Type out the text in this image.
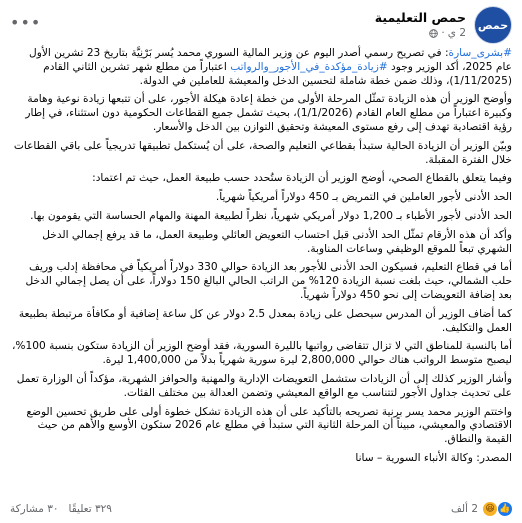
حمص
حمص التعليمية
2 ي
·
•••

#بشرى_سارة: في تصريح رسمي أصدر اليوم عن وزير المالية السوري محمد يُسر بَرْنِيَّة بتاريخ 23 تشرين الأول عام 2025، أكد الوزير وجود #زيادة_مؤكدة_في_الأجور_والرواتب اعتباراً من مطلع شهر تشرين الثاني القادم (1/11/2025)، وذلك ضمن خطة شاملة لتحسين الدخل والمعيشة للعاملين في الدولة.

وأوضح الوزير أن هذه الزيادة تمثّل المرحلة الأولى من خطة إعادة هيكلة الأجور، على أن تتبعها زيادة نوعية وهامة وكبيرة اعتباراً من مطلع العام القادم (1/1/2026)، بحيث تشمل جميع القطاعات الحكومية دون استثناء، في إطار رؤية اقتصادية تهدف إلى رفع مستوى المعيشة وتحقيق التوازن بين الدخل والأسعار.

وبيّن الوزير أن الزيادة الحالية ستبدأ بقطاعي التعليم والصحة، على أن يُستكمل تطبيقها تدريجياً على باقي القطاعات خلال الفترة المقبلة.

وفيما يتعلق بالقطاع الصحي، أوضح الوزير أن الزيادة ستُحدد حسب طبيعة العمل، حيث تم اعتماد:

الحد الأدنى لأجور العاملين في التمريض بـ 450 دولاراً أمريكياً شهرياً.

الحد الأدنى لأجور الأطباء بـ 1,200 دولار أمريكي شهرياً، نظراً لطبيعة المهنة والمهام الحساسة التي يقومون بها.

وأكد أن هذه الأرقام تمثّل الحد الأدنى قبل احتساب التعويض العائلي وطبيعة العمل، ما قد يرفع إجمالي الدخل الشهري تبعاً للموقع الوظيفي وساعات المناوبة.

أما في قطاع التعليم، فسيكون الحد الأدنى للأجور بعد الزيادة حوالي 330 دولاراً أمريكياً في محافظة إدلب وريف حلب الشمالي، حيث بلغت نسبة الزيادة 120% من الراتب الحالي البالغ 150 دولاراً، على أن يصل إجمالي الدخل بعد إضافة التعويضات إلى نحو 450 دولاراً شهرياً.

كما أضاف الوزير أن المدرس سيحصل على زيادة بمعدل 2.5 دولار عن كل ساعة إضافية أو مكافأة مرتبطة بطبيعة العمل والتكليف.

أما بالنسبة للمناطق التي لا تزال تتقاضى رواتبها بالليرة السورية، فقد أوضح الوزير أن الزيادة ستكون بنسبة 100%، ليصبح متوسط الرواتب هناك حوالي 2,800,000 ليرة سورية شهرياً بدلاً من 1,400,000 ليرة.

وأشار الوزير كذلك إلى أن الزيادات ستشمل التعويضات الإدارية والمهنية والحوافز الشهرية، مؤكداً أن الوزارة تعمل على تحديث جداول الأجور لتتناسب مع الواقع المعيشي وتضمن العدالة بين مختلف الفئات.

واختتم الوزير محمد يسر برنية تصريحه بالتأكيد على أن هذه الزيادة تشكل خطوة أولى على طريق تحسين الوضع الاقتصادي والمعيشي، مبيناً أن المرحلة الثانية التي ستبدأ في مطلع عام 2026 ستكون الأوسع والأهم من حيث القيمة والنطاق.

المصدر: وكالة الأنباء السورية – سانا

👍
😆
2 ألف
٣٢٩ تعليقًا
٣٠ مشاركة
